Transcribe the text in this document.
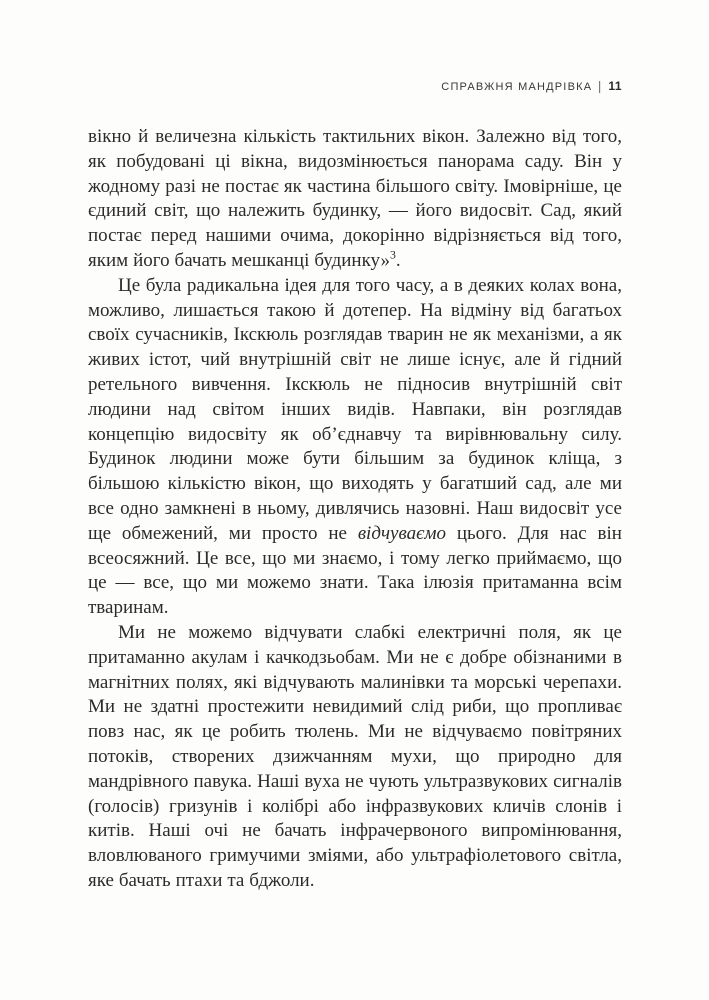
СПРАВЖНЯ МАНДРІВКА | 11

вікно й величезна кількість тактильних вікон. Залежно від того, як побудовані ці вікна, видозмінюється панорама саду. Він у жодному разі не постає як частина більшого світу. Імовірніше, це єдиний світ, що належить будинку, — його видосвіт. Сад, який постає перед нашими очима, докорінно відрізняється від того, яким його бачать мешканці будинку»$^3$.

Це була радикальна ідея для того часу, а в деяких колах вона, можливо, лишається такою й дотепер. На відміну від багатьох своїх сучасників, Ікскюль розглядав тварин не як механізми, а як живих істот, чий внутрішній світ не лише існує, але й гідний ретельного вивчення. Ікскюль не підносив внутрішній світ людини над світом інших видів. Навпаки, він розглядав концепцію видосвіту як об’єднавчу та вирівнювальну силу. Будинок людини може бути більшим за будинок кліща, з більшою кількістю вікон, що виходять у багатший сад, але ми все одно замкнені в ньому, дивлячись назовні. Наш видосвіт усе ще обмежений, ми просто не відчуваємо цього. Для нас він всеосяжний. Це все, що ми знаємо, і тому легко приймаємо, що це — все, що ми можемо знати. Така ілюзія притаманна всім тваринам.

Ми не можемо відчувати слабкі електричні поля, як це притаманно акулам і качкодзьобам. Ми не є добре обізнаними в магнітних полях, які відчувають малинівки та морські черепахи. Ми не здатні простежити невидимий слід риби, що пропливає повз нас, як це робить тюлень. Ми не відчуваємо повітряних потоків, створених дзижчанням мухи, що природно для мандрівного павука. Наші вуха не чують ультразвукових сигналів (голосів) гризунів і колібрі або інфразвукових кличів слонів і китів. Наші очі не бачать інфрачервоного випромінювання, вловлюваного гримучими зміями, або ультрафіолетового світла, яке бачать птахи та бджоли.
